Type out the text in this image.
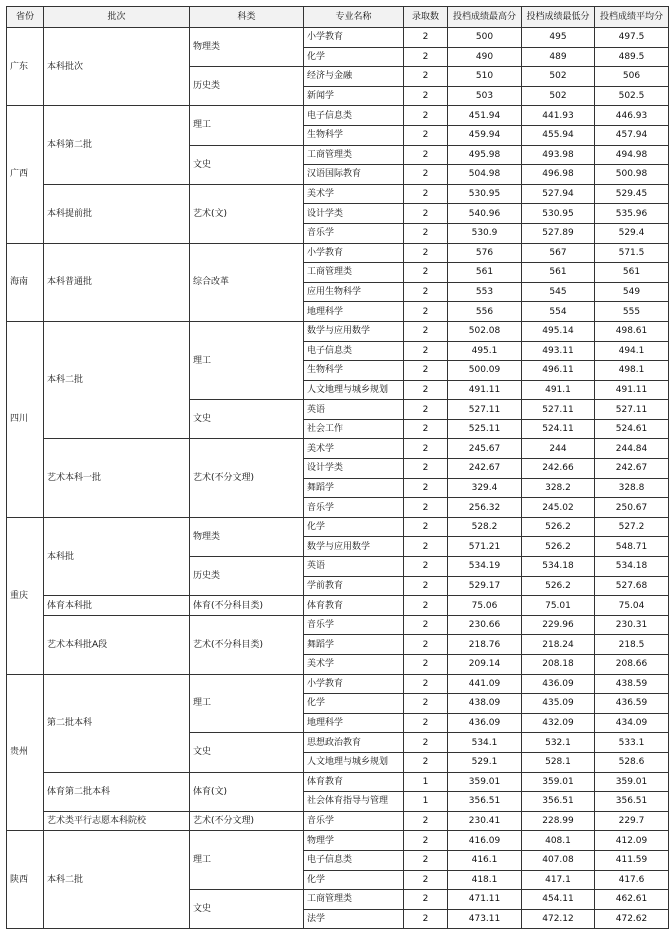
省份	批次	科类	专业名称	录取数	投档成绩最高分	投档成绩最低分	投档成绩平均分
广东	本科批次	物理类	小学教育	2	500	495	497.5
			化学	2	490	489	489.5
		历史类	经济与金融	2	510	502	506
			新闻学	2	503	502	502.5
广西	本科第二批	理工	电子信息类	2	451.94	441.93	446.93
			生物科学	2	459.94	455.94	457.94
		文史	工商管理类	2	495.98	493.98	494.98
			汉语国际教育	2	504.98	496.98	500.98
	本科提前批	艺术(文)	美术学	2	530.95	527.94	529.45
			设计学类	2	540.96	530.95	535.96
			音乐学	2	530.9	527.89	529.4
海南	本科普通批	综合改革	小学教育	2	576	567	571.5
			工商管理类	2	561	561	561
			应用生物科学	2	553	545	549
			地理科学	2	556	554	555
四川	本科二批	理工	数学与应用数学	2	502.08	495.14	498.61
			电子信息类	2	495.1	493.11	494.1
			生物科学	2	500.09	496.11	498.1
			人文地理与城乡规划	2	491.11	491.1	491.11
		文史	英语	2	527.11	527.11	527.11
			社会工作	2	525.11	524.11	524.61
	艺术本科一批	艺术(不分文理)	美术学	2	245.67	244	244.84
			设计学类	2	242.67	242.66	242.67
			舞蹈学	2	329.4	328.2	328.8
			音乐学	2	256.32	245.02	250.67
重庆	本科批	物理类	化学	2	528.2	526.2	527.2
			数学与应用数学	2	571.21	526.2	548.71
		历史类	英语	2	534.19	534.18	534.18
			学前教育	2	529.17	526.2	527.68
	体育本科批	体育(不分科目类)	体育教育	2	75.06	75.01	75.04
	艺术本科批A段	艺术(不分科目类)	音乐学	2	230.66	229.96	230.31
			舞蹈学	2	218.76	218.24	218.5
			美术学	2	209.14	208.18	208.66
贵州	第二批本科	理工	小学教育	2	441.09	436.09	438.59
			化学	2	438.09	435.09	436.59
			地理科学	2	436.09	432.09	434.09
		文史	思想政治教育	2	534.1	532.1	533.1
			人文地理与城乡规划	2	529.1	528.1	528.6
	体育第二批本科	体育(文)	体育教育	1	359.01	359.01	359.01
			社会体育指导与管理	1	356.51	356.51	356.51
	艺术类平行志愿本科院校	艺术(不分文理)	音乐学	2	230.41	228.99	229.7
陕西	本科二批	理工	物理学	2	416.09	408.1	412.09
			电子信息类	2	416.1	407.08	411.59
			化学	2	418.1	417.1	417.6
		文史	工商管理类	2	471.11	454.11	462.61
			法学	2	473.11	472.12	472.62
